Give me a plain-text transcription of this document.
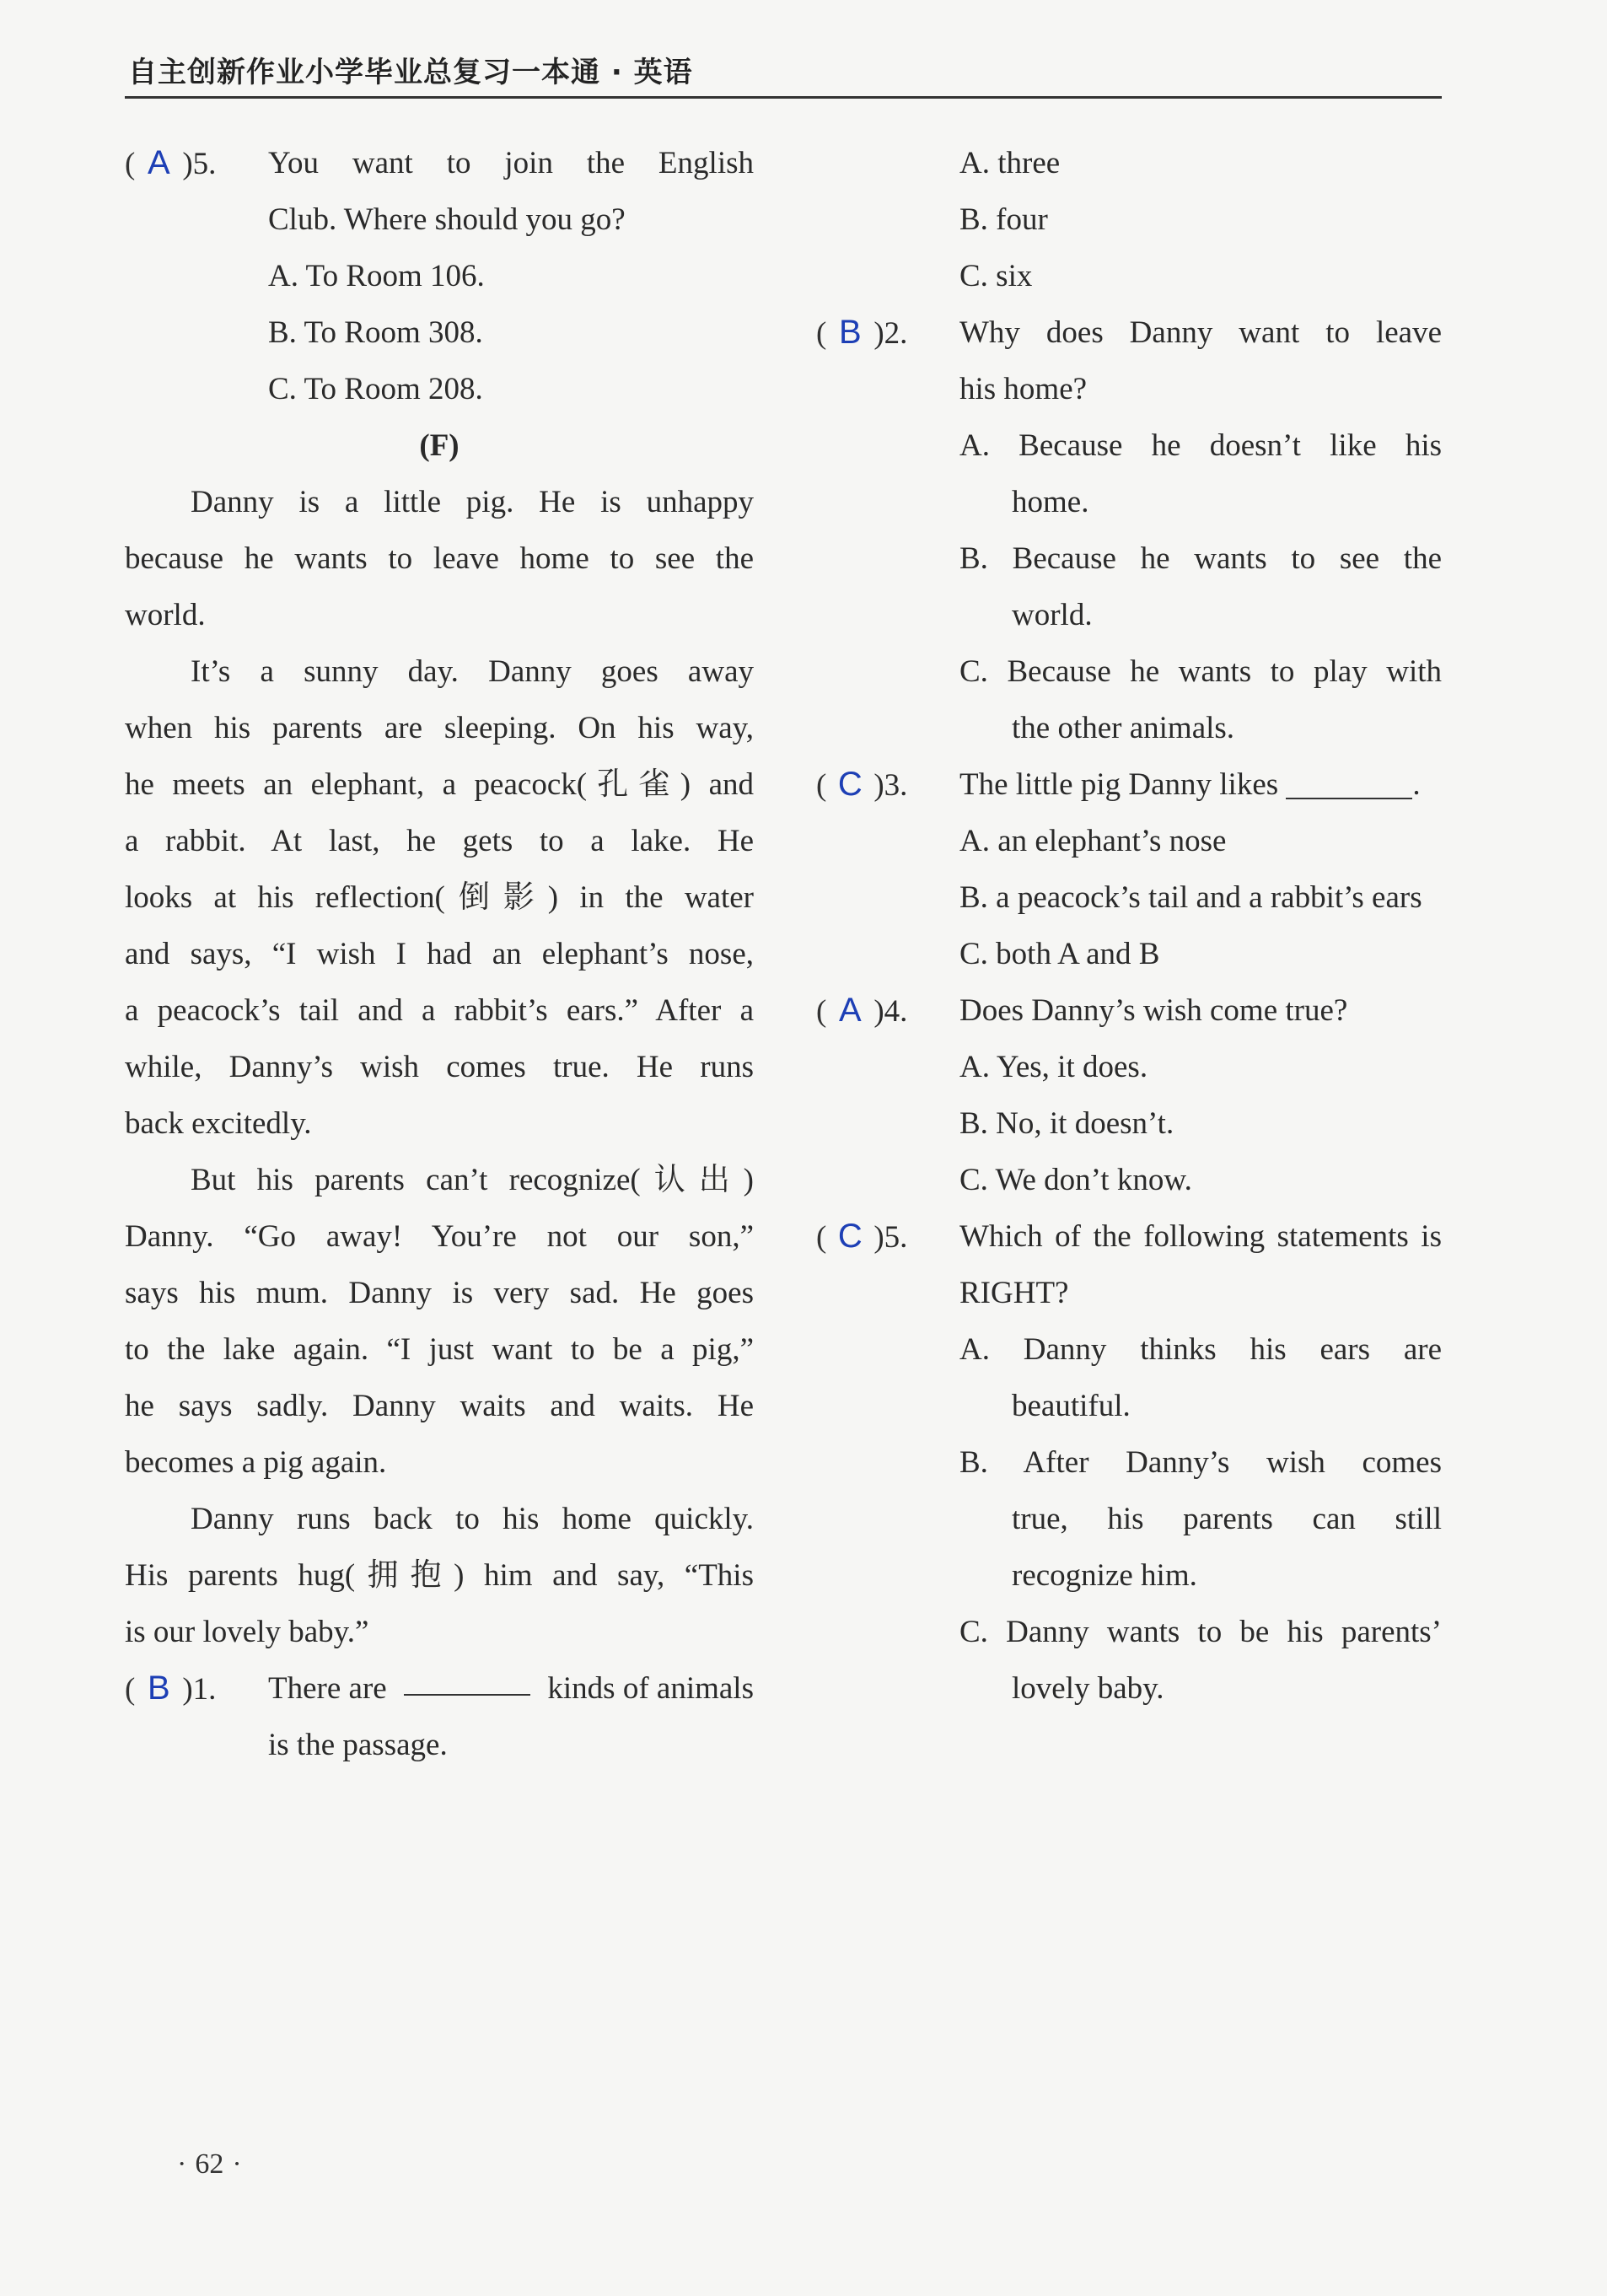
自主创新作业小学毕业总复习一本通 · 英语
( A )5. You want to join the English
Club. Where should you go?
A. To Room 106.
B. To Room 308.
C. To Room 208.
(F)
Danny is a little pig. He is unhappy
because he wants to leave home to see the
world.
It’s a sunny day. Danny goes away
when his parents are sleeping. On his way,
he meets an elephant, a peacock(孔雀) and
a rabbit. At last, he gets to a lake. He
looks at his reflection(倒影) in the water
and says, “I wish I had an elephant’s nose,
a peacock’s tail and a rabbit’s ears.” After a
while, Danny’s wish comes true. He runs
back excitedly.
But his parents can’t recognize(认出)
Danny. “Go away! You’re not our son,”
says his mum. Danny is very sad. He goes
to the lake again. “I just want to be a pig,”
he says sadly. Danny waits and waits. He
becomes a pig again.
Danny runs back to his home quickly.
His parents hug(拥抱) him and say, “This
is our lovely baby.”
( B )1. There are	kinds of animals
is the passage.
A. three
B. four
C. six
( B )2. Why does Danny want to leave
his home?
A. Because he doesn’t like his
home.
B. Because he wants to see the
world.
C. Because he wants to play with
the other animals.
( C )3. The little pig Danny likes	.
A. an elephant’s nose
B. a peacock’s tail and a rabbit’s ears
C. both A and B
( A )4. Does Danny’s wish come true?
A. Yes, it does.
B. No, it doesn’t.
C. We don’t know.
( C )5. Which of the following statements is
RIGHT?
A. Danny thinks his ears are
beautiful.
B. After Danny’s wish comes
true, his parents can still
recognize him.
C. Danny wants to be his parents’
lovely baby.
· 62 ·
